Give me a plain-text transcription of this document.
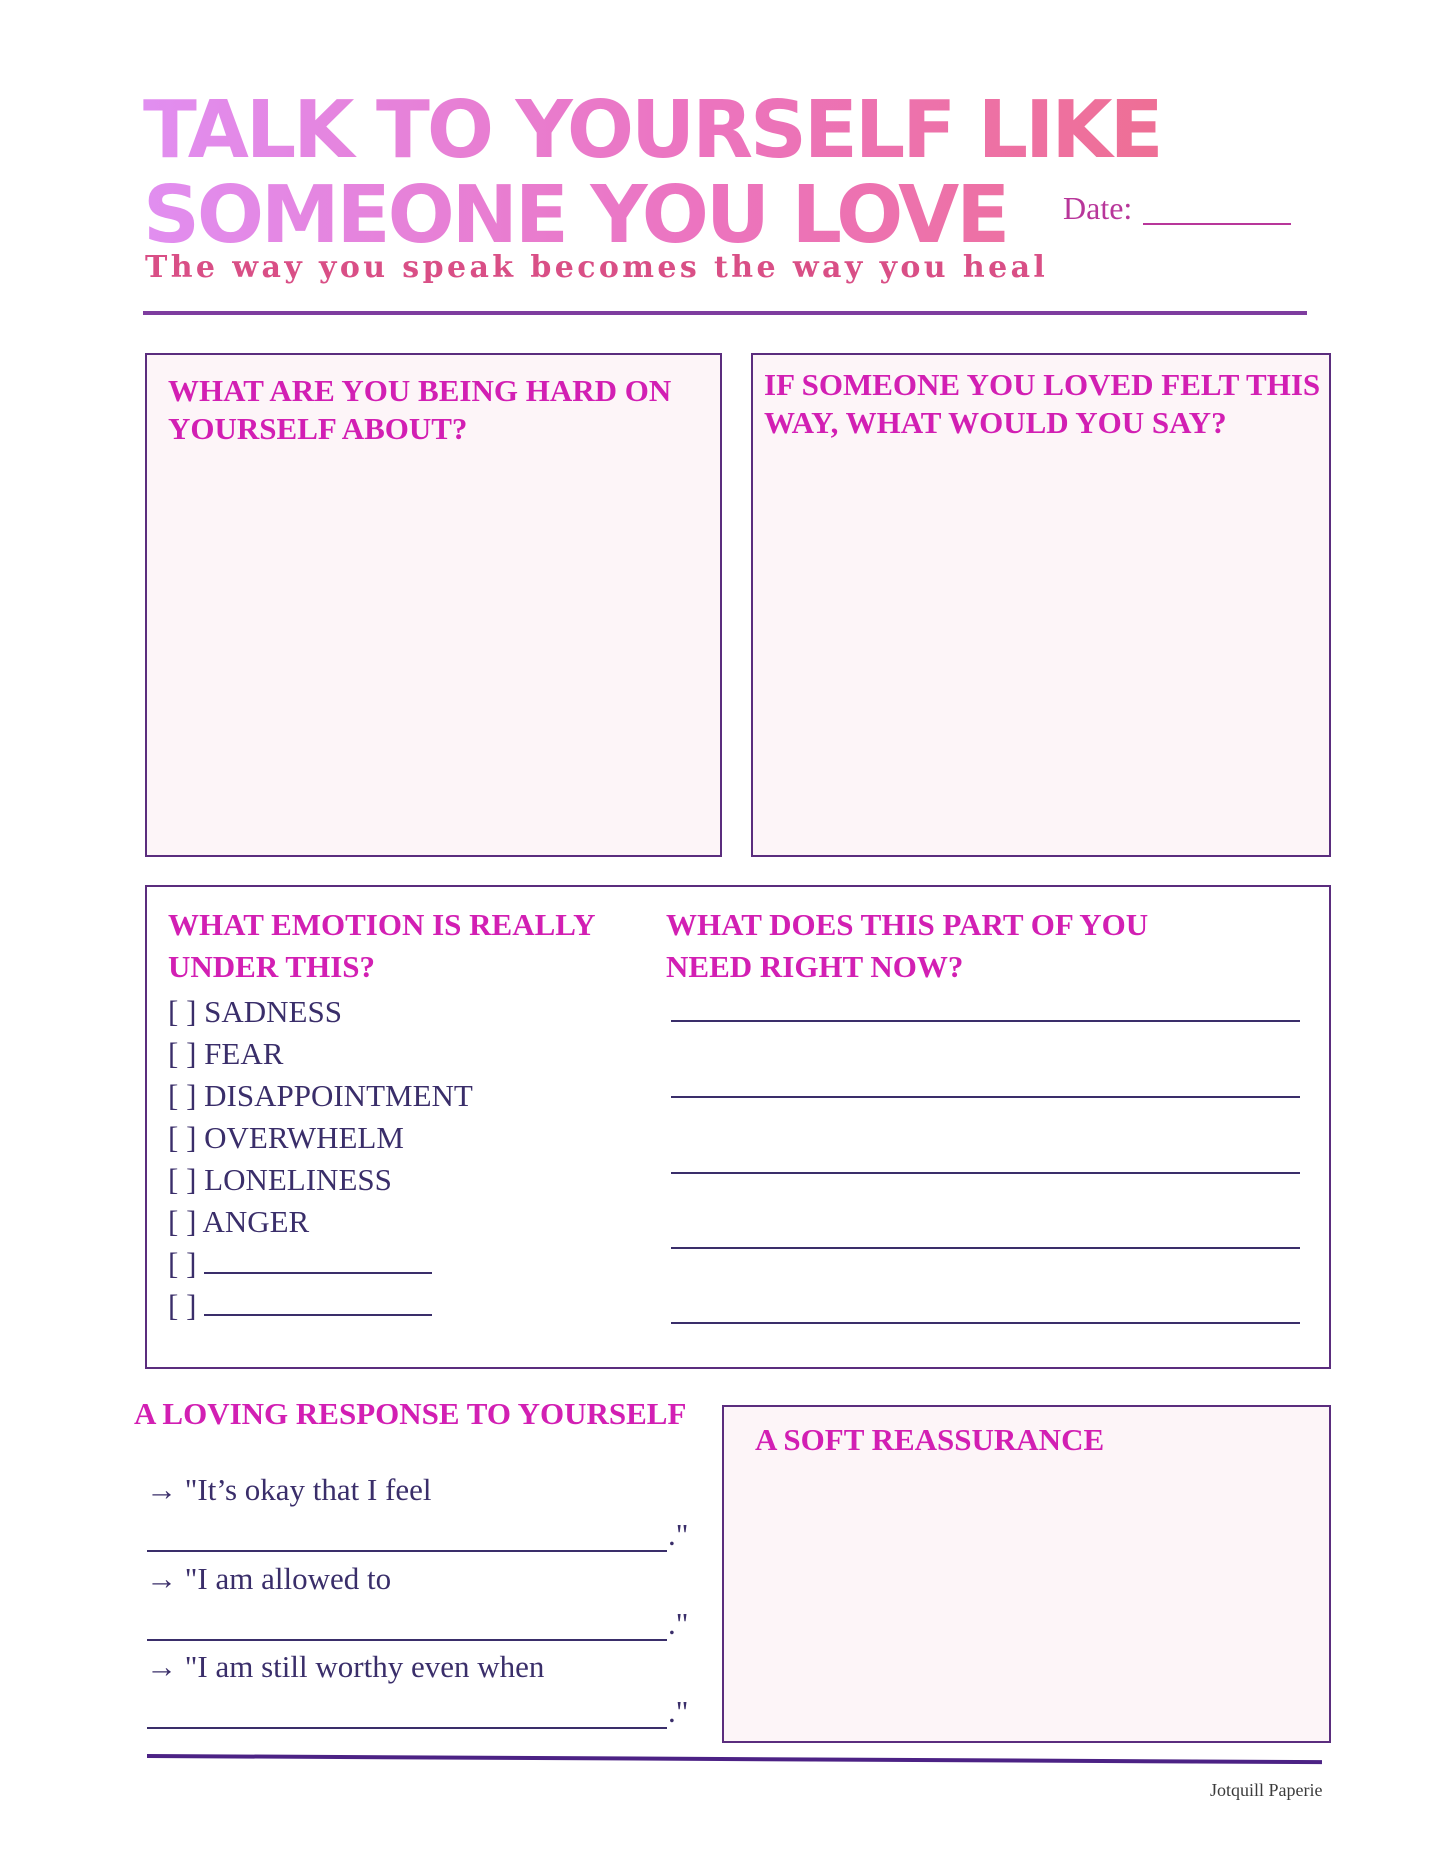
TALK TO YOURSELF LIKE
SOMEONE YOU LOVE

The way you speak becomes the way you heal

Date:

WHAT ARE YOU BEING HARD ON YOURSELF ABOUT?

IF SOMEONE YOU LOVED FELT THIS WAY, WHAT WOULD YOU SAY?

WHAT EMOTION IS REALLY UNDER THIS?

[ ] SADNESS
[ ] FEAR
[ ] DISAPPOINTMENT
[ ] OVERWHELM
[ ] LONELINESS
[ ] ANGER
[ ]
[ ]

WHAT DOES THIS PART OF YOU NEED RIGHT NOW?

A LOVING RESPONSE TO YOURSELF

→ "It’s okay that I feel
."
→ "I am allowed to
."
→ "I am still worthy even when
."

A SOFT REASSURANCE

Jotquill Paperie
